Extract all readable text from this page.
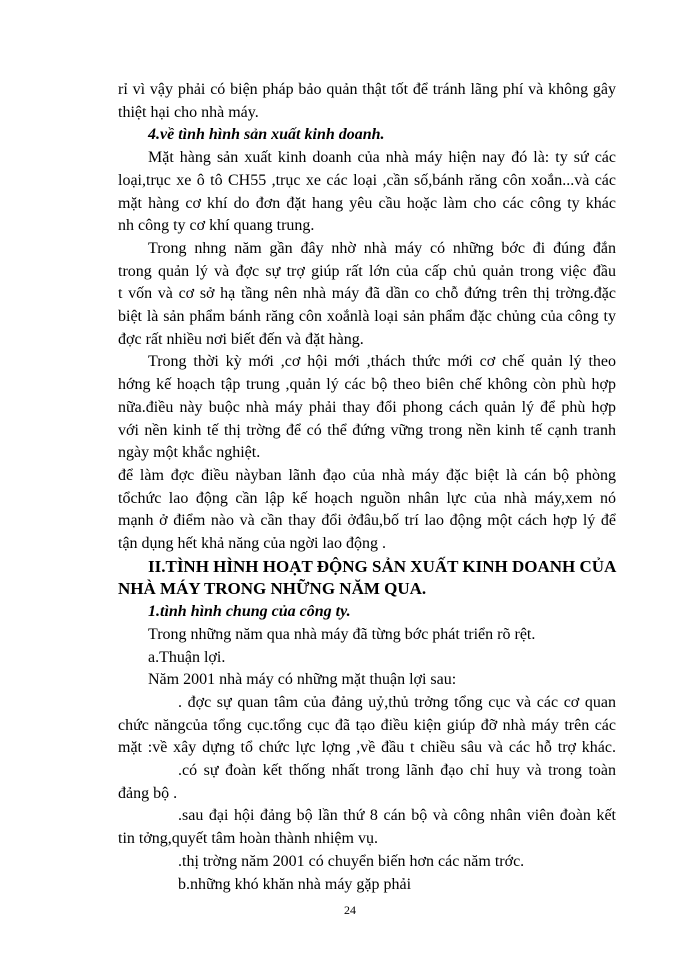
rỉ vì vậy phải có biện pháp bảo quản thật tốt để tránh lãng phí và không gây
thiệt hại cho nhà máy.
4.về tình hình sản xuất kinh doanh.
Mặt hàng sản xuất kinh doanh của nhà máy hiện nay đó là: ty sứ các
loại,trục xe ô tô CH55 ,trục xe các loại ,cần số,bánh răng côn xoắn...và các
mặt hàng cơ khí do đơn đặt hang yêu cầu hoặc làm cho các công ty khác
nh công ty cơ khí quang trung.
Trong nhng năm gần đây nhờ nhà máy có những bớc đi đúng đắn
trong quản lý và đợc sự trợ giúp rất lớn của cấp chủ quản trong việc đầu
t vốn và cơ sở hạ tầng nên nhà máy đã dần co chỗ đứng trên thị trờng.đặc
biệt là sản phẩm bánh răng côn xoắnlà loại sản phẩm đặc chủng của công ty
đợc rất nhiều nơi biết đến và đặt hàng.
Trong thời kỳ mới ,cơ hội mới ,thách thức mới cơ chế quản lý theo
hớng kế hoạch tập trung ,quản lý các bộ theo biên chế không còn phù hợp
nữa.điều này buộc nhà máy phải thay đổi phong cách quản lý để phù hợp
với nền kinh tế thị trờng để có thể đứng vững trong nền kinh tế cạnh tranh
ngày một khắc nghiệt.
để làm đợc điều nàyban lãnh đạo của nhà máy đặc biệt là cán bộ phòng
tổchức lao động cần lập kế hoạch nguồn nhân lực của nhà máy,xem nó
mạnh ở điểm nào và cần thay đổi ởđâu,bố trí lao động một cách hợp lý để
tận dụng hết khả năng của ngời lao động .
II.TÌNH HÌNH HOẠT ĐỘNG SẢN XUẤT KINH DOANH CỦA
NHÀ MÁY TRONG NHỮNG NĂM QUA.
1.tình hình chung của công ty.
Trong những năm qua nhà máy đã từng bớc phát triển rõ rệt.
a.Thuận lợi.
Năm 2001 nhà máy có những mặt thuận lợi sau:
. đợc sự quan tâm của đảng uỷ,thủ trởng tổng cục và các cơ quan
chức năngcủa tổng cục.tổng cục đã tạo điều kiện giúp đỡ nhà máy trên các
mặt :về xây dựng tổ chức lực lợng ,về đầu t chiều sâu và các hỗ trợ khác.
.có sự đoàn kết thống nhất trong lãnh đạo chỉ huy và trong toàn
đảng bộ .
.sau đại hội đảng bộ lần thứ 8 cán bộ và công nhân viên đoàn kết
tin tởng,quyết tâm hoàn thành nhiệm vụ.
.thị trờng năm 2001 có chuyển biến hơn các năm trớc.
b.những khó khăn nhà máy gặp phải
24
